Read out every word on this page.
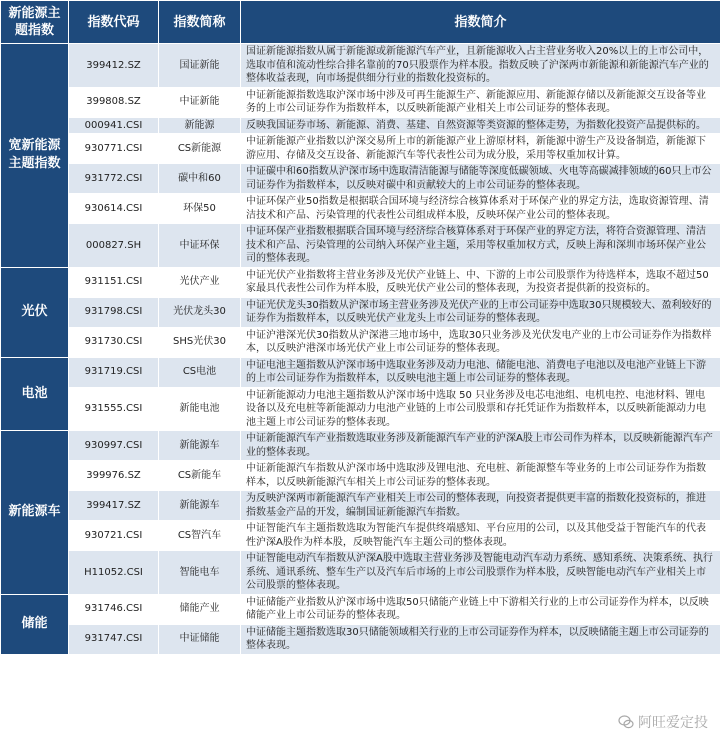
新能源主题指数	指数代码	指数简称	指数简介
宽新能源主题指数	399412.SZ	国证新能	国证新能源指数从属于新能源或新能源汽车产业，且新能源收入占主营业务收入20%以上的上市公司中，选取市值和流动性综合排名靠前的70只股票作为样本股。指数反映了沪深两市新能源和新能源汽车产业的整体收益表现，向市场提供细分行业的指数化投资标的。
	399808.SZ	中证新能	中证新能源指数选取沪深市场中涉及可再生能源生产、新能源应用、新能源存储以及新能源交互设备等业务的上市公司证券作为指数样本，以反映新能源产业相关上市公司证券的整体表现。
	000941.CSI	新能源	反映我国证券市场、新能源、消费、基建、自然资源等类资源的整体走势，为指数化投资产品提供标的。
	930771.CSI	CS新能源	中证新能源产业指数以沪深交易所上市的新能源产业上游原材料，新能源中游生产及设备制造，新能源下游应用、存储及交互设备、新能源汽车等代表性公司为成分股，采用等权重加权计算。
	931772.CSI	碳中和60	中证碳中和60指数从沪深市场中选取清洁能源与储能等深度低碳领域、火电等高碳减排领域的60只上市公司证券作为指数样本，以反映对碳中和贡献较大的上市公司证券的整体表现。
	930614.CSI	环保50	中证环保产业50指数是根据联合国环境与经济综合核算体系对于环保产业的界定方法，选取资源管理、清洁技术和产品、污染管理的代表性公司组成样本股，反映环保产业公司的整体表现。
	000827.SH	中证环保	中证环保产业指数根据联合国环境与经济综合核算体系对于环保产业的界定方法，将符合资源管理、清洁技术和产品、污染管理的公司纳入环保产业主题，采用等权重加权方式，反映上海和深圳市场环保产业公司的整体表现。
光伏	931151.CSI	光伏产业	中证光伏产业指数将主营业务涉及光伏产业链上、中、下游的上市公司股票作为待选样本，选取不超过50家最具代表性公司作为样本股，反映光伏产业公司的整体表现，为投资者提供新的投资标的。
	931798.CSI	光伏龙头30	中证光伏龙头30指数从沪深市场主营业务涉及光伏产业的上市公司证券中选取30只规模较大、盈利较好的证券作为指数样本，以反映光伏产业龙头上市公司证券的整体表现。
	931730.CSI	SHS光伏30	中证沪港深光伏30指数从沪深港三地市场中，选取30只业务涉及光伏发电产业的上市公司证券作为指数样本，以反映沪港深市场光伏产业上市公司证券的整体表现。
电池	931719.CSI	CS电池	中证电池主题指数从沪深市场中选取业务涉及动力电池、储能电池、消费电子电池以及电池产业链上下游的上市公司证券作为指数样本，以反映电池主题上市公司证券的整体表现。
	931555.CSI	新能电池	中证新能源动力电池主题指数从沪深市场中选取 50 只业务涉及电芯电池组、电机电控、电池材料、锂电设备以及充电桩等新能源动力电池产业链的上市公司股票和存托凭证作为指数样本，以反映新能源动力电池主题上市公司证券的整体表现。
新能源车	930997.CSI	新能源车	中证新能源汽车产业指数选取业务涉及新能源汽车产业的沪深A股上市公司作为样本，以反映新能源汽车产业的整体表现。
	399976.SZ	CS新能车	中证新能源汽车指数从沪深市场中选取涉及锂电池、充电桩、新能源整车等业务的上市公司证券作为指数样本，以反映新能源汽车相关上市公司证券的整体表现。
	399417.SZ	新能源车	为反映沪深两市新能源汽车产业相关上市公司的整体表现，向投资者提供更丰富的指数化投资标的，推进指数基金产品的开发，编制国证新能源汽车指数。
	930721.CSI	CS智汽车	中证智能汽车主题指数选取为智能汽车提供终端感知、平台应用的公司，以及其他受益于智能汽车的代表性沪深A股作为样本股，反映智能汽车主题公司的整体表现。
	H11052.CSI	智能电车	中证智能电动汽车指数从沪深A股中选取主营业务涉及智能电动汽车动力系统、感知系统、决策系统、执行系统、通讯系统、整车生产以及汽车后市场的上市公司股票作为样本股，反映智能电动汽车产业相关上市公司股票的整体表现。
储能	931746.CSI	储能产业	中证储能产业指数从沪深市场中选取50只储能产业链上中下游相关行业的上市公司证券作为样本，以反映储能产业上市公司证券的整体表现。
	931747.CSI	中证储能	中证储能主题指数选取30只储能领域相关行业的上市公司证券作为样本，以反映储能主题上市公司证券的整体表现。
阿旺爱定投
